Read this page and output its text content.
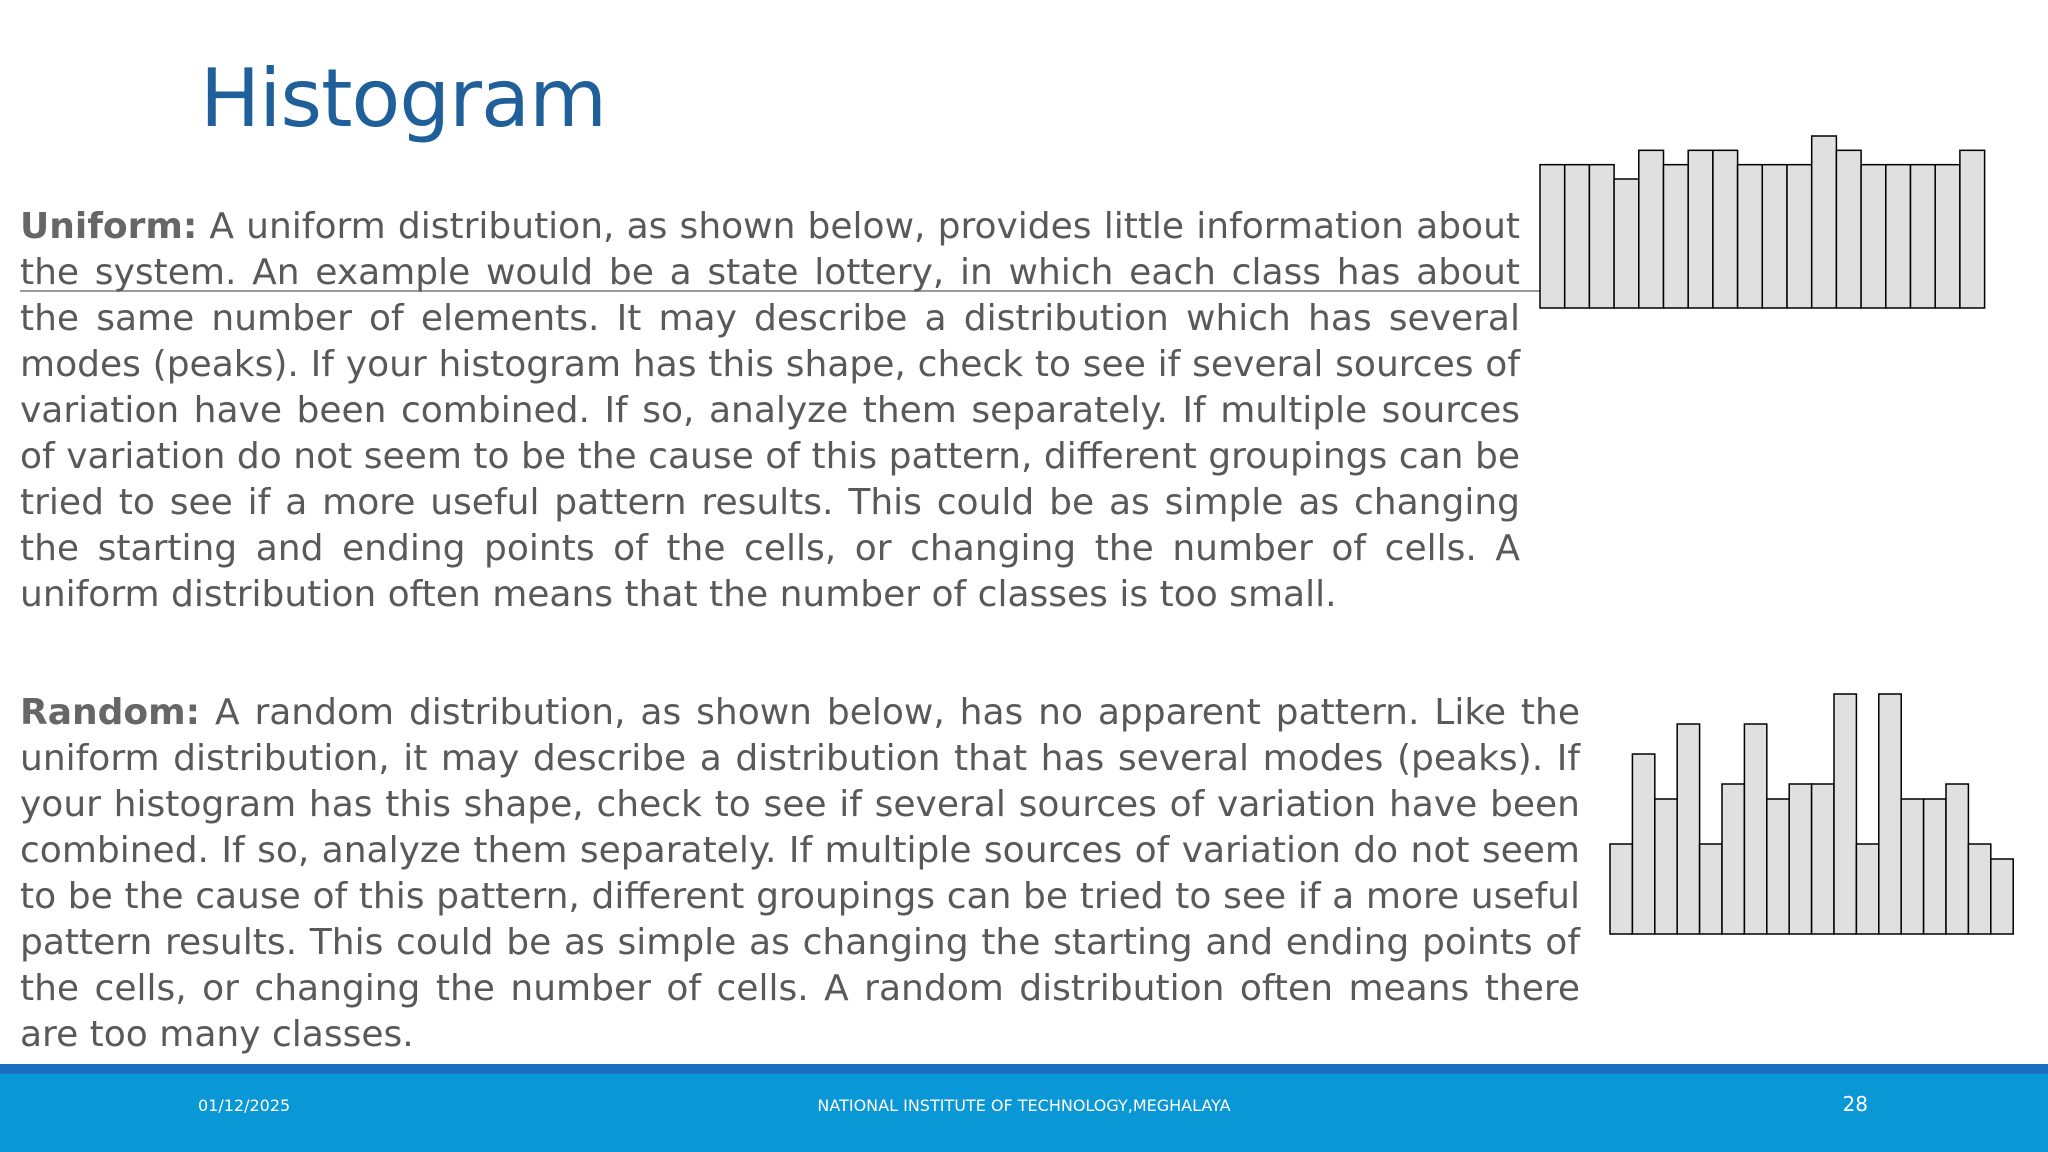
Histogram

Uniform: A uniform distribution, as shown below, provides little information about the system. An example would be a state lottery, in which each class has about the same number of elements. It may describe a distribution which has several modes (peaks). If your histogram has this shape, check to see if several sources of variation have been combined. If so, analyze them separately. If multiple sources of variation do not seem to be the cause of this pattern, different groupings can be tried to see if a more useful pattern results. This could be as simple as changing the starting and ending points of the cells, or changing the number of cells. A uniform distribution often means that the number of classes is too small.

Random: A random distribution, as shown below, has no apparent pattern. Like the uniform distribution, it may describe a distribution that has several modes (peaks). If your histogram has this shape, check to see if several sources of variation have been combined. If so, analyze them separately. If multiple sources of variation do not seem to be the cause of this pattern, different groupings can be tried to see if a more useful pattern results. This could be as simple as changing the starting and ending points of the cells, or changing the number of cells. A random distribution often means there are too many classes.

01/12/2025	NATIONAL INSTITUTE OF TECHNOLOGY,MEGHALAYA	28
